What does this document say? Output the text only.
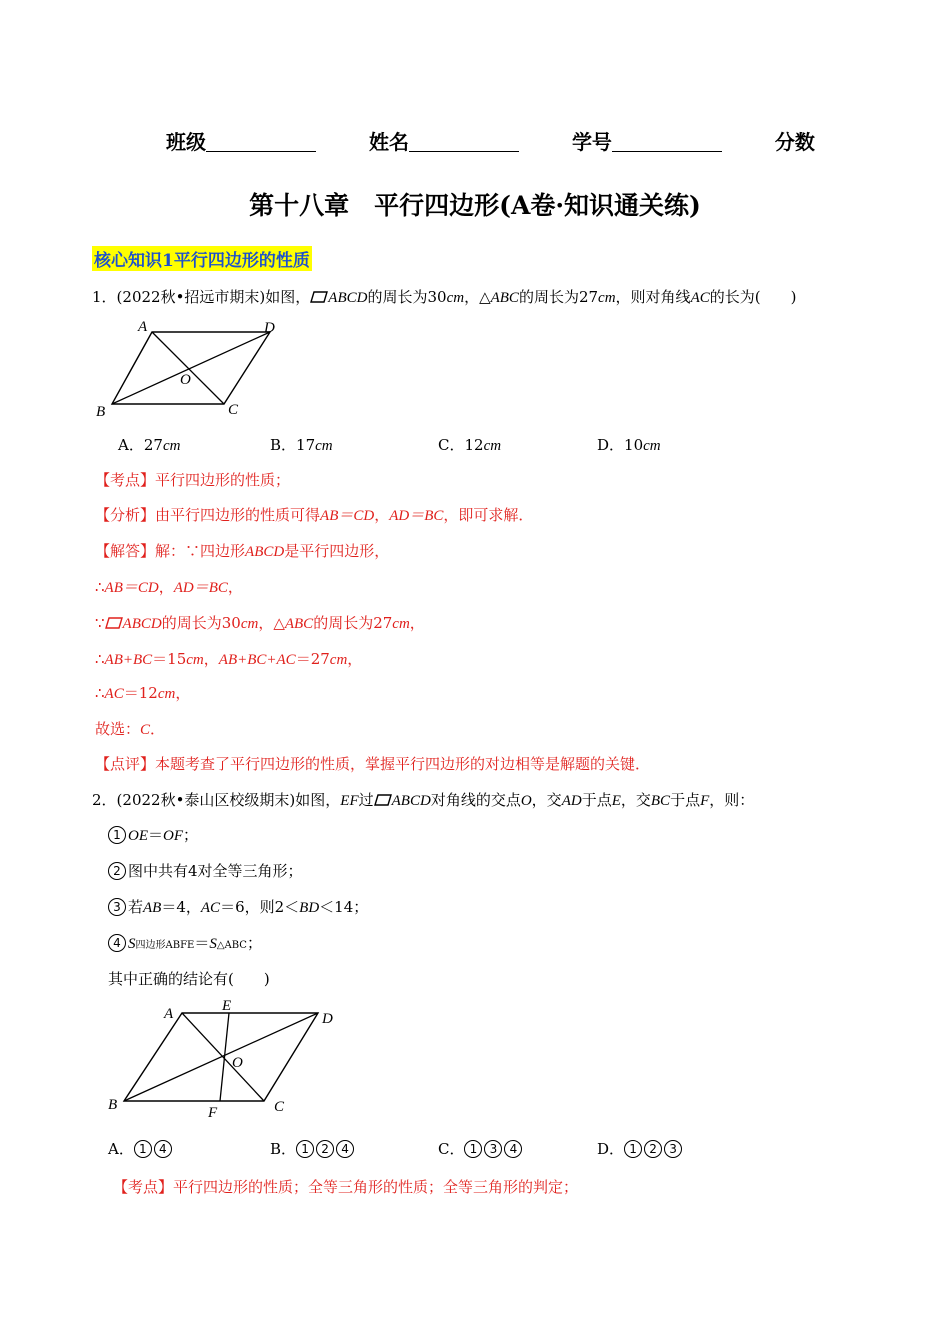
班级	姓名	学号	分数
第十八章　平行四边形(A卷·知识通关练)
核心知识1平行四边形的性质
1．(2022秋•招远市期末)如图， ABCD的周长为30cm，△ABC的周长为27cm，则对角线AC的长为(　　)
A	D
O
B	C
A．27cm	B．17cm	C．12cm	D．10cm
【考点】平行四边形的性质；
【分析】由平行四边形的性质可得AB＝CD，AD＝BC，即可求解．
【解答】解：∵四边形ABCD是平行四边形，
∴AB＝CD，AD＝BC，
∵ ABCD的周长为30cm，△ABC的周长为27cm，
∴AB+BC＝15cm，AB+BC+AC＝27cm，
∴AC＝12cm，
故选：C．
【点评】本题考查了平行四边形的性质，掌握平行四边形的对边相等是解题的关键．
2．(2022秋•泰山区校级期末)如图，EF过 ABCD对角线的交点O，交AD于点E，交BC于点F，则：
1 OE＝OF；
2 图中共有4对全等三角形；
3 若AB＝4，AC＝6，则2＜BD＜14；
4 S四边形ABFE＝S△ABC；
其中正确的结论有(　　)
A	E
D
O
B	F	C
A． 1 4	B． 1 2 4	C． 1 3 4	D． 1 2 3
【考点】平行四边形的性质；全等三角形的性质；全等三角形的判定；
